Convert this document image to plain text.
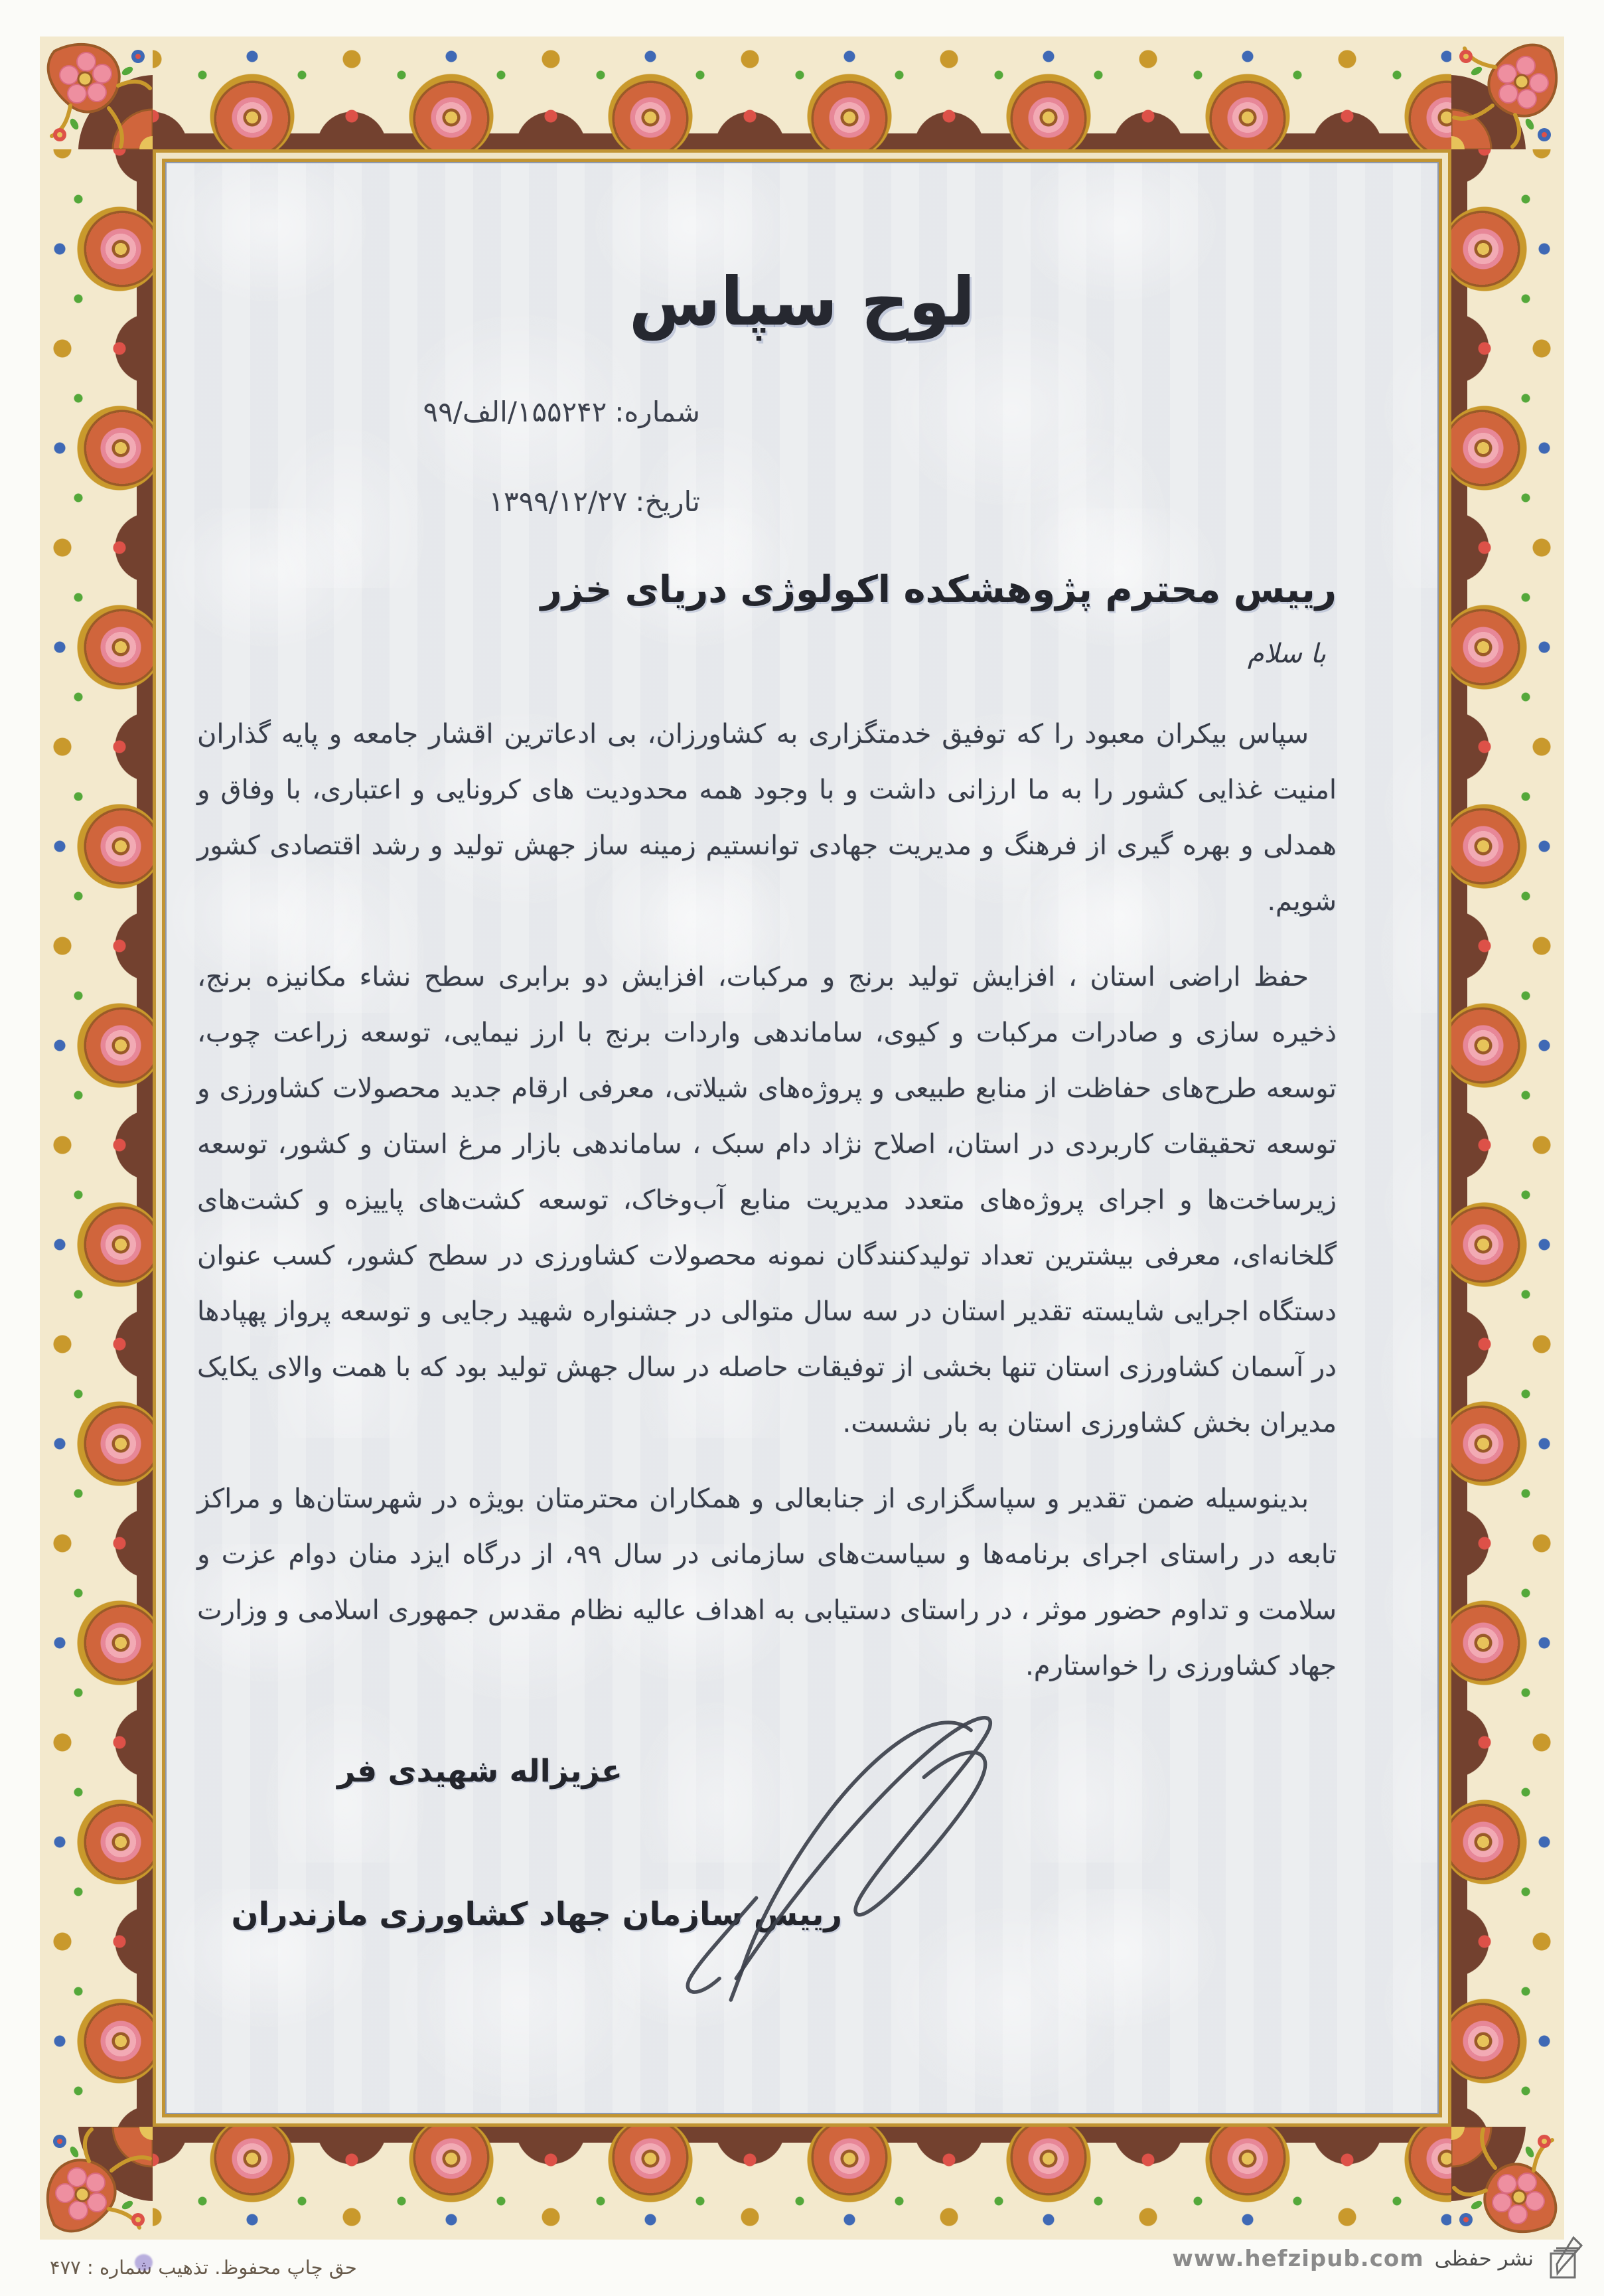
لوح سپاس
شماره:۱۵۵۲۴۲/الف/۹۹
تاریخ:۱۳۹۹/۱۲/۲۷
رییس محترم پژوهشکده اکولوژی دریای خزر
با سلام

سپاس بیکران معبود را که توفیق خدمتگزاری به کشاورزان، بی ادعاترین اقشار جامعه و پایه گذاران امنیت غذایی کشور را به ما ارزانی داشت و با وجود همه محدودیت های کرونایی و اعتباری، با وفاق و همدلی و بهره گیری از فرهنگ و مدیریت جهادی توانستیم زمینه ساز جهش تولید و رشد اقتصادی کشور شویم.

حفظ اراضی استان ، افزایش تولید برنج و مرکبات، افزایش دو برابری سطح نشاء مکانیزه برنج، ذخیره سازی و صادرات مرکبات و کیوی، ساماندهی واردات برنج با ارز نیمایی، توسعه زراعت چوب، توسعه طرح‌های حفاظت از منابع طبیعی و پروژه‌های شیلاتی، معرفی ارقام جدید محصولات کشاورزی و توسعه تحقیقات کاربردی در استان، اصلاح نژاد دام سبک ، ساماندهی بازار مرغ استان و کشور، توسعه زیرساخت‌ها و اجرای پروژه‌های متعدد مدیریت منابع آب‌وخاک، توسعه کشت‌های پاییزه و کشت‌های گلخانه‌ای، معرفی بیشترین تعداد تولیدکنندگان نمونه محصولات کشاورزی در سطح کشور، کسب عنوان دستگاه اجرایی شایسته تقدیر استان در سه سال متوالی در جشنواره شهید رجایی و توسعه پرواز پهپادها در آسمان کشاورزی استان تنها بخشی از توفیقات حاصله در سال جهش تولید بود که با همت والای یکایک مدیران بخش کشاورزی استان به بار نشست.

بدینوسیله ضمن تقدیر و سپاسگزاری از جنابعالی و همکاران محترمتان بویژه در شهرستان‌ها و مراکز تابعه در راستای اجرای برنامه‌ها و سیاست‌های سازمانی در سال ۹۹، از درگاه ایزد منان دوام عزت و سلامت و تداوم حضور موثر ، در راستای دستیابی به اهداف عالیه نظام مقدس جمهوری اسلامی و وزارت جهاد کشاورزی را خواستارم.

عزیزاله شهیدی فر
رییس سازمان جهاد کشاورزی مازندران
حق چاپ محفوظ. تذهیب شماره : ۴۷۷	www.hefzipub.com نشر حفظی
